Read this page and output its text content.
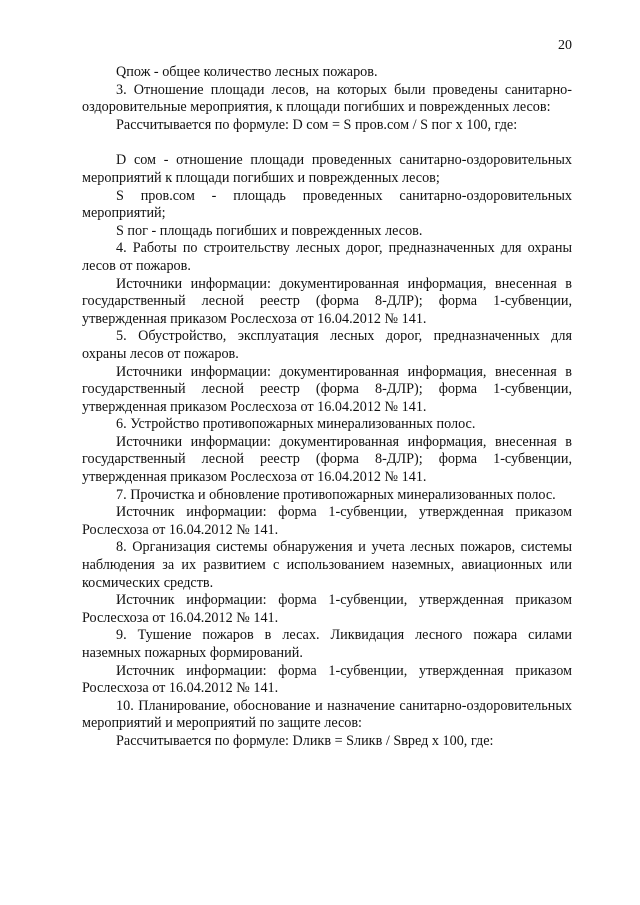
20

Qпож - общее количество лесных пожаров.

3. Отношение площади лесов, на которых были проведены санитарно-оздоровительные мероприятия, к площади погибших и поврежденных лесов:

Рассчитывается по формуле: D сом = S пров.сом / S пог х 100, где:

D сом - отношение площади проведенных санитарно-оздоровительных мероприятий к площади погибших и поврежденных лесов;

S пров.сом - площадь проведенных санитарно-оздоровительных мероприятий;

S пог - площадь погибших и поврежденных лесов.

4. Работы по строительству лесных дорог, предназначенных для охраны лесов от пожаров.

Источники информации: документированная информация, внесенная в государственный лесной реестр (форма 8-ДЛР); форма 1-субвенции, утвержденная приказом Рослесхоза от 16.04.2012 № 141.

5. Обустройство, эксплуатация лесных дорог, предназначенных для охраны лесов от пожаров.

Источники информации: документированная информация, внесенная в государственный лесной реестр (форма 8-ДЛР); форма 1-субвенции, утвержденная приказом Рослесхоза от 16.04.2012 № 141.

6. Устройство противопожарных минерализованных полос.

Источники информации: документированная информация, внесенная в государственный лесной реестр (форма 8-ДЛР); форма 1-субвенции, утвержденная приказом Рослесхоза от 16.04.2012 № 141.

7. Прочистка и обновление противопожарных минерализованных полос.

Источник информации: форма 1-субвенции, утвержденная приказом Рослесхоза от 16.04.2012 № 141.

8. Организация системы обнаружения и учета лесных пожаров, системы наблюдения за их развитием с использованием наземных, авиационных или космических средств.

Источник информации: форма 1-субвенции, утвержденная приказом Рослесхоза от 16.04.2012 № 141.

9. Тушение пожаров в лесах. Ликвидация лесного пожара силами наземных пожарных формирований.

Источник информации: форма 1-субвенции, утвержденная приказом Рослесхоза от 16.04.2012 № 141.

10. Планирование, обоснование и назначение санитарно-оздоровительных мероприятий и мероприятий по защите лесов:

Рассчитывается по формуле: Dликв = Sликв / Sвред х 100, где:
